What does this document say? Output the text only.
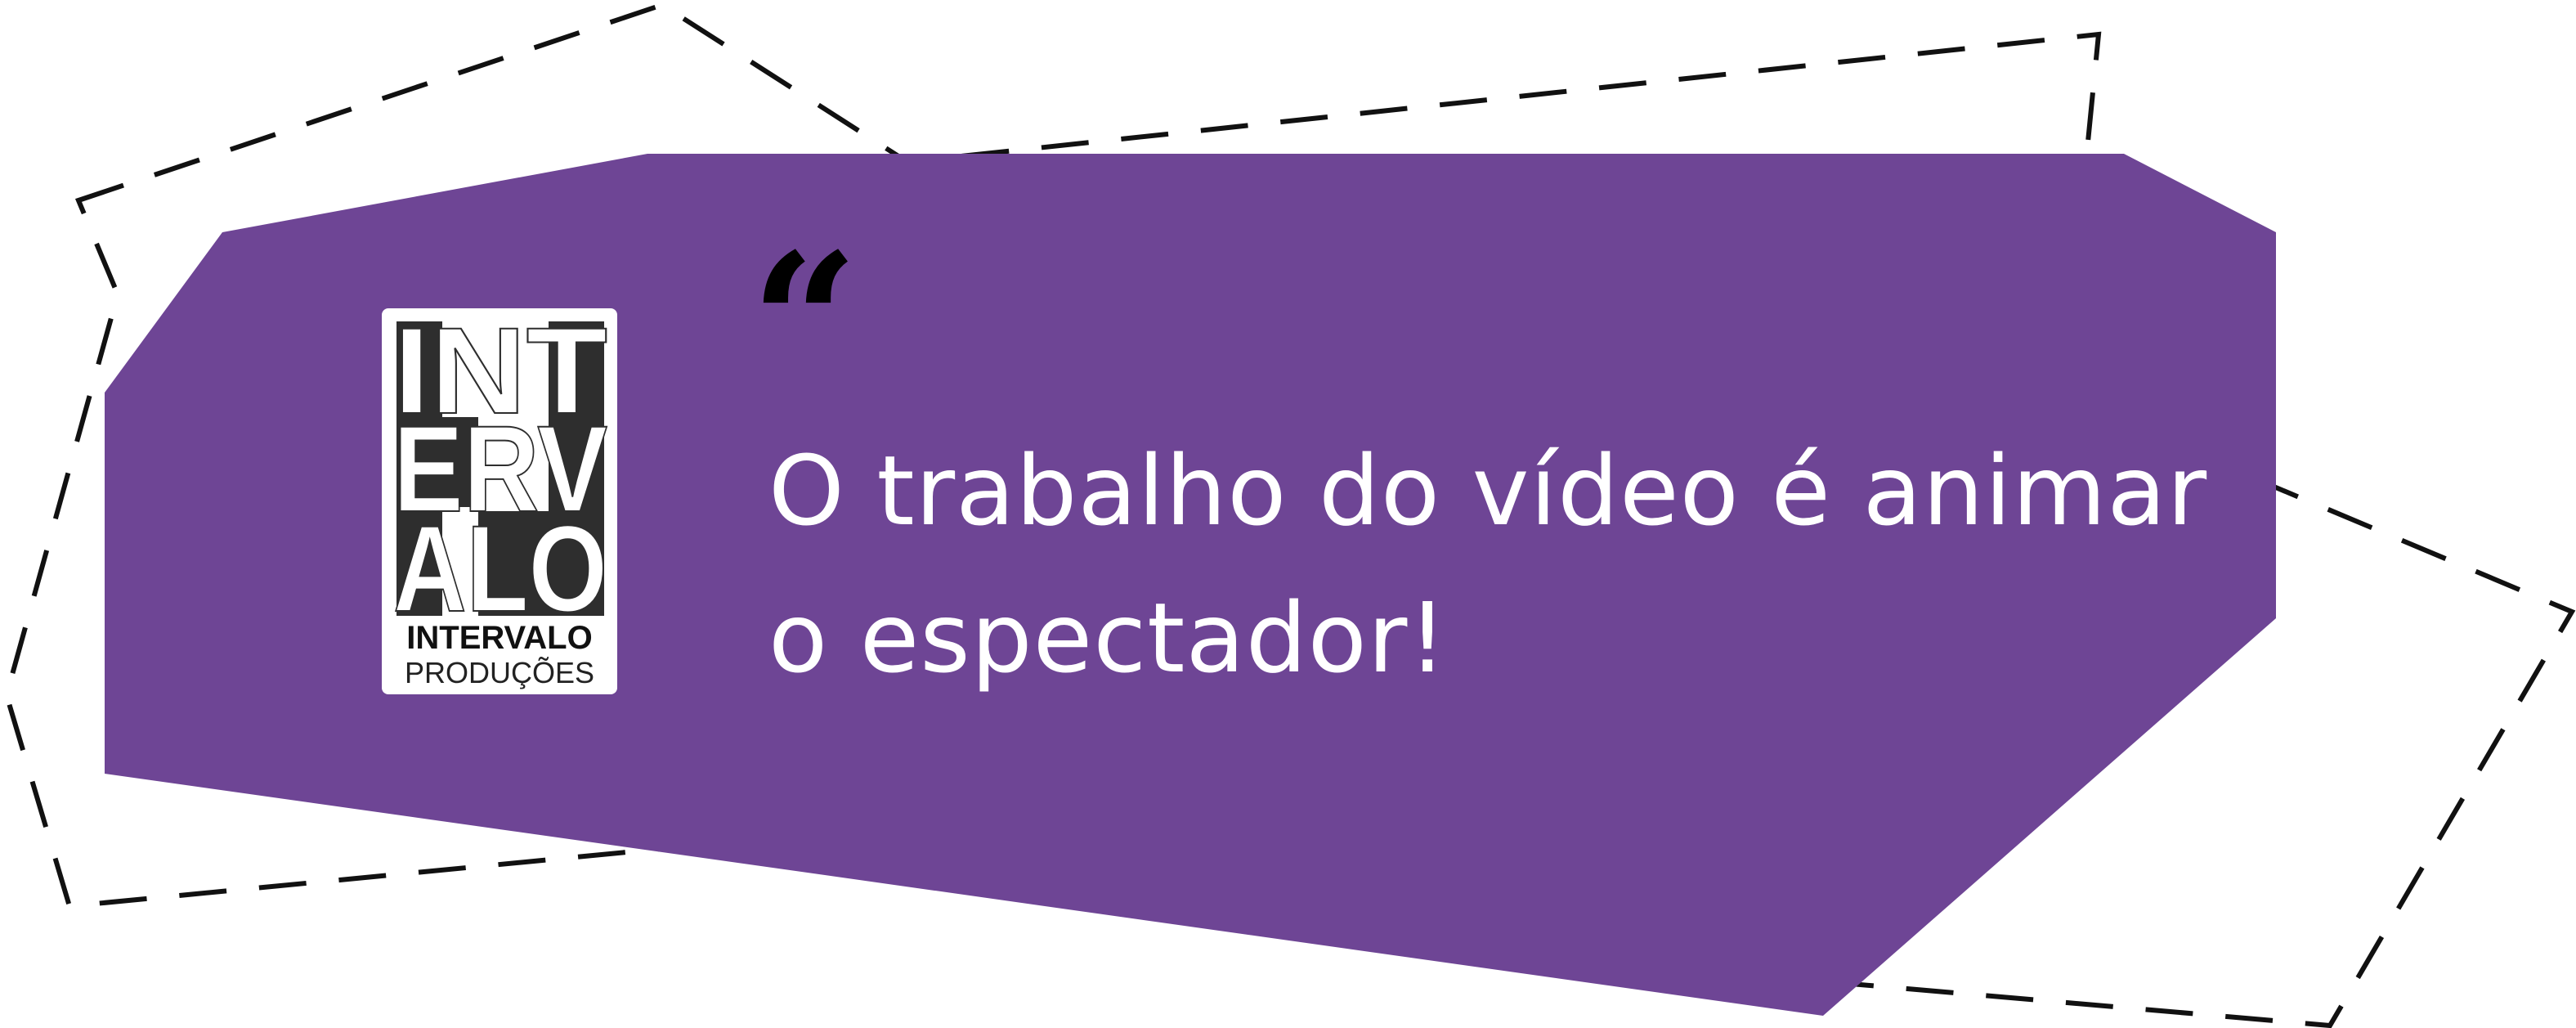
INT
ERV
ALO
INTERVALO
PRODUÇÕES
“
O trabalho do vídeo é animar
o espectador!
